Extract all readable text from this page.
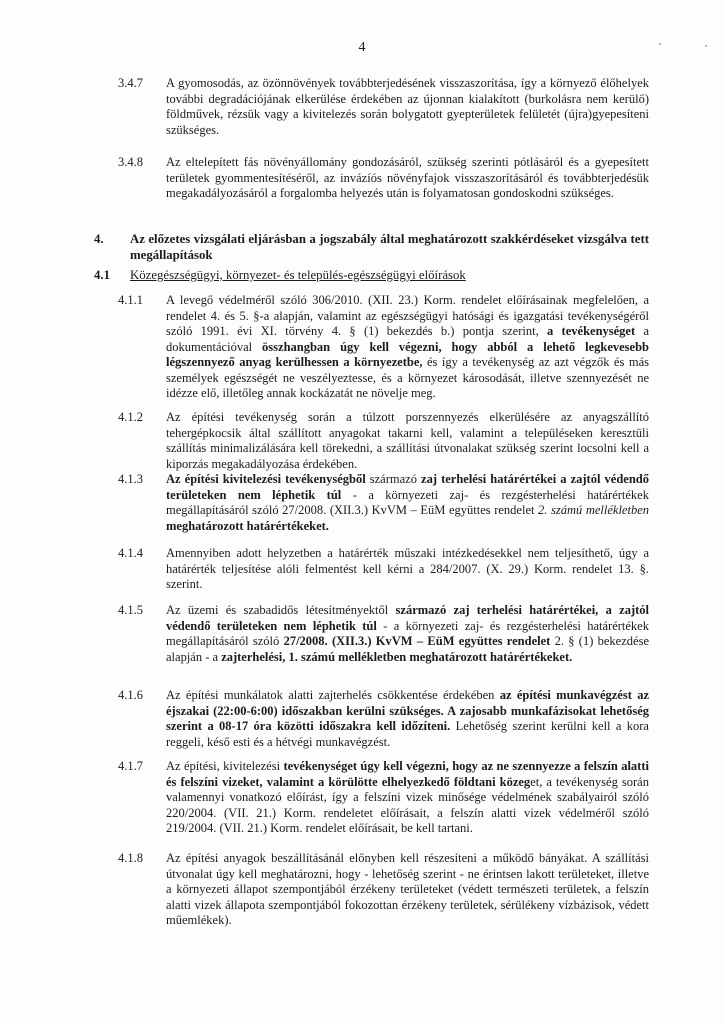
4
3.4.7 A gyomosodás, az özönnövények továbbterjedésének visszaszorítása, így a környező élőhelyek további degradációjának elkerülése érdekében az újonnan kialakított (burkolásra nem kerülő) földművek, rézsük vagy a kivitelezés során bolygatott gyepterületek felületét (újra)gyepesíteni szükséges.
3.4.8 Az eltelepített fás növényállomány gondozásáról, szükség szerinti pótlásáról és a gyepesített területek gyommentesítéséről, az invázíós növényfajok visszaszorításáról és továbbterjedésük megakadályozásáról a forgalomba helyezés után is folyamatosan gondoskodni szükséges.
4. Az előzetes vizsgálati eljárásban a jogszabály által meghatározott szakkérdéseket vizsgálva tett megállapítások
4.1 Közegészségügyi, környezet- és település-egészségügyi előírások
4.1.1 A levegő védelméről szóló 306/2010. (XII. 23.) Korm. rendelet előírásainak megfelelően, a rendelet 4. és 5. §-a alapján, valamint az egészségügyi hatósági és igazgatási tevékenységéről szóló 1991. évi XI. törvény 4. § (1) bekezdés b.) pontja szerint, a tevékenységet a dokumentációval összhangban úgy kell végezni, hogy abból a lehető legkevesebb légszennyező anyag kerülhessen a környezetbe, és így a tevékenység az azt végzők és más személyek egészségét ne veszélyeztesse, és a környezet károsodását, illetve szennyezését ne idézze elő, illetőleg annak kockázatát ne növelje meg.
4.1.2 Az építési tevékenység során a túlzott porszennyezés elkerülésére az anyagszállító tehergépkocsik által szállított anyagokat takarni kell, valamint a településeken keresztüli szállítás minimalizálására kell törekedni, a szállítási útvonalakat szükség szerint locsolni kell a kiporzás megakadályozása érdekében.
4.1.3 Az építési kivitelezési tevékenységből származó zaj terhelési határértékei a zajtól védendő területeken nem léphetik túl - a környezeti zaj- és rezgésterhelési határértékek megállapításáról szóló 27/2008. (XII.3.) KvVM – EüM együttes rendelet 2. számú mellékletben meghatározott határértékeket.
4.1.4 Amennyiben adott helyzetben a határérték műszaki intézkedésekkel nem teljesíthető, úgy a határérték teljesítése alóli felmentést kell kérni a 284/2007. (X. 29.) Korm. rendelet 13. §. szerint.
4.1.5 Az üzemi és szabadidős létesítményektől származó zaj terhelési határértékei, a zajtól védendő területeken nem léphetik túl - a környezeti zaj- és rezgésterhelési határértékek megállapításáról szóló 27/2008. (XII.3.) KvVM – EüM együttes rendelet 2. § (1) bekezdése alapján - a zajterhelési, 1. számú mellékletben meghatározott határértékeket.
4.1.6 Az építési munkálatok alatti zajterhelés csökkentése érdekében az építési munkavégzést az éjszakai (22:00-6:00) időszakban kerülni szükséges. A zajosabb munkafázisokat lehetőség szerint a 08-17 óra közötti időszakra kell időzíteni. Lehetőség szerint kerülni kell a kora reggeli, késő esti és a hétvégi munkavégzést.
4.1.7 Az építési, kivitelezési tevékenységet úgy kell végezni, hogy az ne szennyezze a felszín alatti és felszíni vizeket, valamint a körülötte elhelyezkedő földtani közeget, a tevékenység során valamennyi vonatkozó előírást, így a felszíni vizek minősége védelmének szabályairól szóló 220/2004. (VII. 21.) Korm. rendeletet előírásait, a felszín alatti vizek védelméről szóló 219/2004. (VII. 21.) Korm. rendelet előírásait, be kell tartani.
4.1.8 Az építési anyagok beszállításánál előnyben kell részesíteni a működő bányákat. A szállítási útvonalat úgy kell meghatározni, hogy - lehetőség szerint - ne érintsen lakott területeket, illetve a környezeti állapot szempontjából érzékeny területeket (védett természeti területek, a felszín alatti vizek állapota szempontjából fokozottan érzékeny területek, sérülékeny vízbázisok, védett műemlékek).
